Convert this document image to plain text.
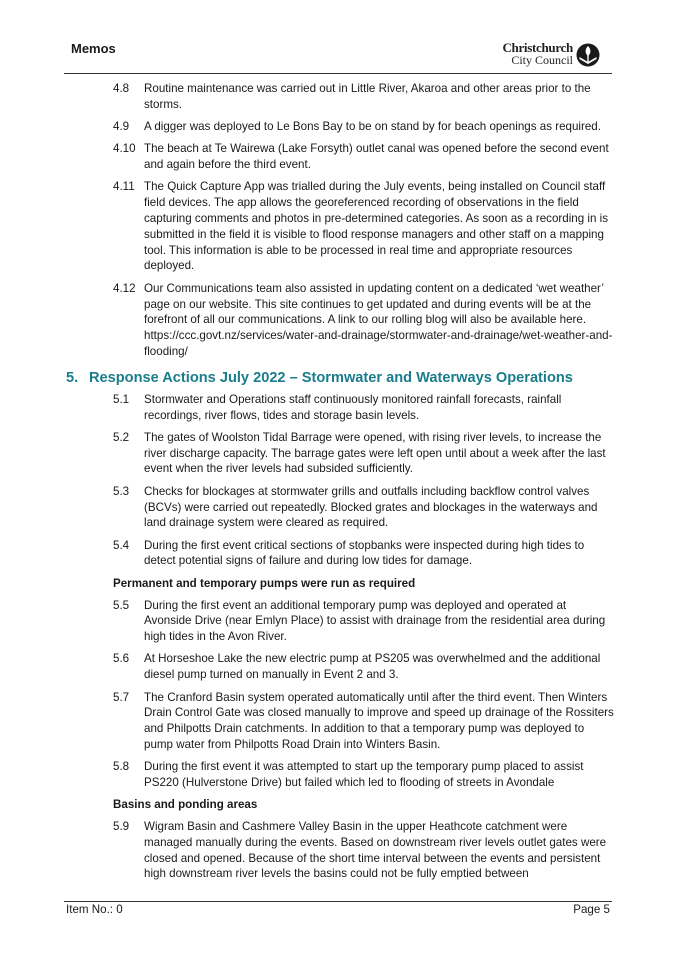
Memos	Christchurch
City Council
4.8 Routine maintenance was carried out in Little River, Akaroa and other areas prior to the storms.
4.9 A digger was deployed to Le Bons Bay to be on stand by for beach openings as required.
4.10 The beach at Te Wairewa (Lake Forsyth) outlet canal was opened before the second event and again before the third event.
4.11 The Quick Capture App was trialled during the July events, being installed on Council staff field devices. The app allows the georeferenced recording of observations in the field capturing comments and photos in pre-determined categories. As soon as a recording in is submitted in the field it is visible to flood response managers and other staff on a mapping tool. This information is able to be processed in real time and appropriate resources deployed.
4.12 Our Communications team also assisted in updating content on a dedicated ‘wet weather’ page on our website. This site continues to get updated and during events will be at the forefront of all our communications. A link to our rolling blog will also be available here. https://ccc.govt.nz/services/water-and-drainage/stormwater-and-drainage/wet-weather-and-flooding/
5. Response Actions July 2022 – Stormwater and Waterways Operations
5.1 Stormwater and Operations staff continuously monitored rainfall forecasts, rainfall recordings, river flows, tides and storage basin levels.
5.2 The gates of Woolston Tidal Barrage were opened, with rising river levels, to increase the river discharge capacity. The barrage gates were left open until about a week after the last event when the river levels had subsided sufficiently.
5.3 Checks for blockages at stormwater grills and outfalls including backflow control valves (BCVs) were carried out repeatedly. Blocked grates and blockages in the waterways and land drainage system were cleared as required.
5.4 During the first event critical sections of stopbanks were inspected during high tides to detect potential signs of failure and during low tides for damage.
Permanent and temporary pumps were run as required
5.5 During the first event an additional temporary pump was deployed and operated at Avonside Drive (near Emlyn Place) to assist with drainage from the residential area during high tides in the Avon River.
5.6 At Horseshoe Lake the new electric pump at PS205 was overwhelmed and the additional diesel pump turned on manually in Event 2 and 3.
5.7 The Cranford Basin system operated automatically until after the third event. Then Winters Drain Control Gate was closed manually to improve and speed up drainage of the Rossiters and Philpotts Drain catchments. In addition to that a temporary pump was deployed to pump water from Philpotts Road Drain into Winters Basin.
5.8 During the first event it was attempted to start up the temporary pump placed to assist PS220 (Hulverstone Drive) but failed which led to flooding of streets in Avondale
Basins and ponding areas
5.9 Wigram Basin and Cashmere Valley Basin in the upper Heathcote catchment were managed manually during the events. Based on downstream river levels outlet gates were closed and opened. Because of the short time interval between the events and persistent high downstream river levels the basins could not be fully emptied between
Item No.: 0	Page 5
